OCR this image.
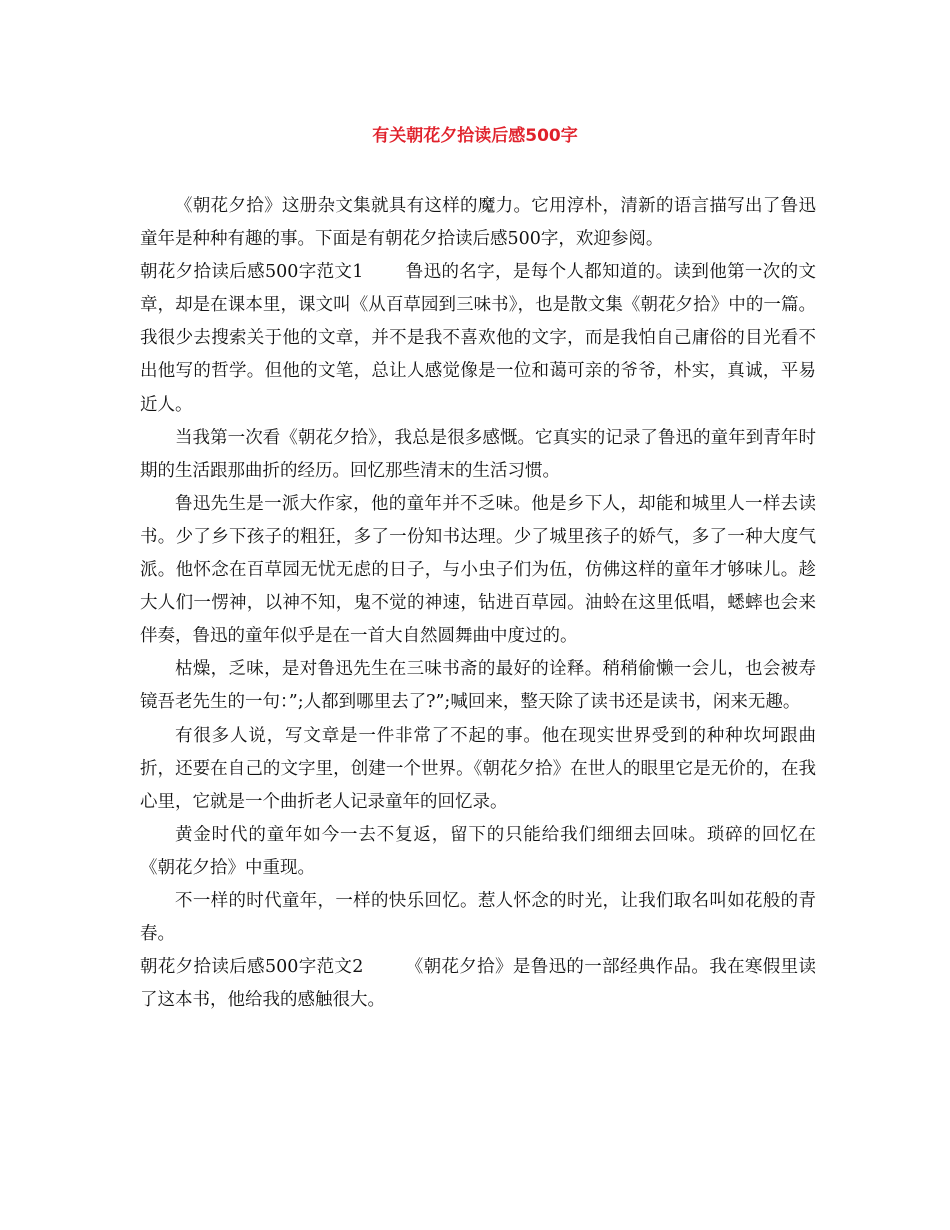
有关朝花夕拾读后感500字

《朝花夕拾》这册杂文集就具有这样的魔力。它用淳朴，清新的语言描写出了鲁迅童年是种种有趣的事。下面是有朝花夕拾读后感500字，欢迎参阅。

朝花夕拾读后感500字范文1 鲁迅的名字，是每个人都知道的。读到他第一次的文章，却是在课本里，课文叫《从百草园到三味书》，也是散文集《朝花夕拾》中的一篇。我很少去搜索关于他的文章，并不是我不喜欢他的文字，而是我怕自己庸俗的目光看不出他写的哲学。但他的文笔，总让人感觉像是一位和蔼可亲的爷爷，朴实，真诚，平易近人。

当我第一次看《朝花夕拾》，我总是很多感慨。它真实的记录了鲁迅的童年到青年时期的生活跟那曲折的经历。回忆那些清末的生活习惯。

鲁迅先生是一派大作家，他的童年并不乏味。他是乡下人，却能和城里人一样去读书。少了乡下孩子的粗狂，多了一份知书达理。少了城里孩子的娇气，多了一种大度气派。他怀念在百草园无忧无虑的日子，与小虫子们为伍，仿佛这样的童年才够味儿。趁大人们一愣神，以神不知，鬼不觉的神速，钻进百草园。油蛉在这里低唱，蟋蟀也会来伴奏，鲁迅的童年似乎是在一首大自然圆舞曲中度过的。

枯燥，乏味，是对鲁迅先生在三味书斋的最好的诠释。稍稍偷懒一会儿，也会被寿镜吾老先生的一句：”;人都到哪里去了?”;喊回来，整天除了读书还是读书，闲来无趣。

有很多人说，写文章是一件非常了不起的事。他在现实世界受到的种种坎坷跟曲折，还要在自己的文字里，创建一个世界。《朝花夕拾》在世人的眼里它是无价的，在我心里，它就是一个曲折老人记录童年的回忆录。

黄金时代的童年如今一去不复返，留下的只能给我们细细去回味。琐碎的回忆在《朝花夕拾》中重现。

不一样的时代童年，一样的快乐回忆。惹人怀念的时光，让我们取名叫如花般的青春。

朝花夕拾读后感500字范文2 《朝花夕拾》是鲁迅的一部经典作品。我在寒假里读了这本书，他给我的感触很大。
